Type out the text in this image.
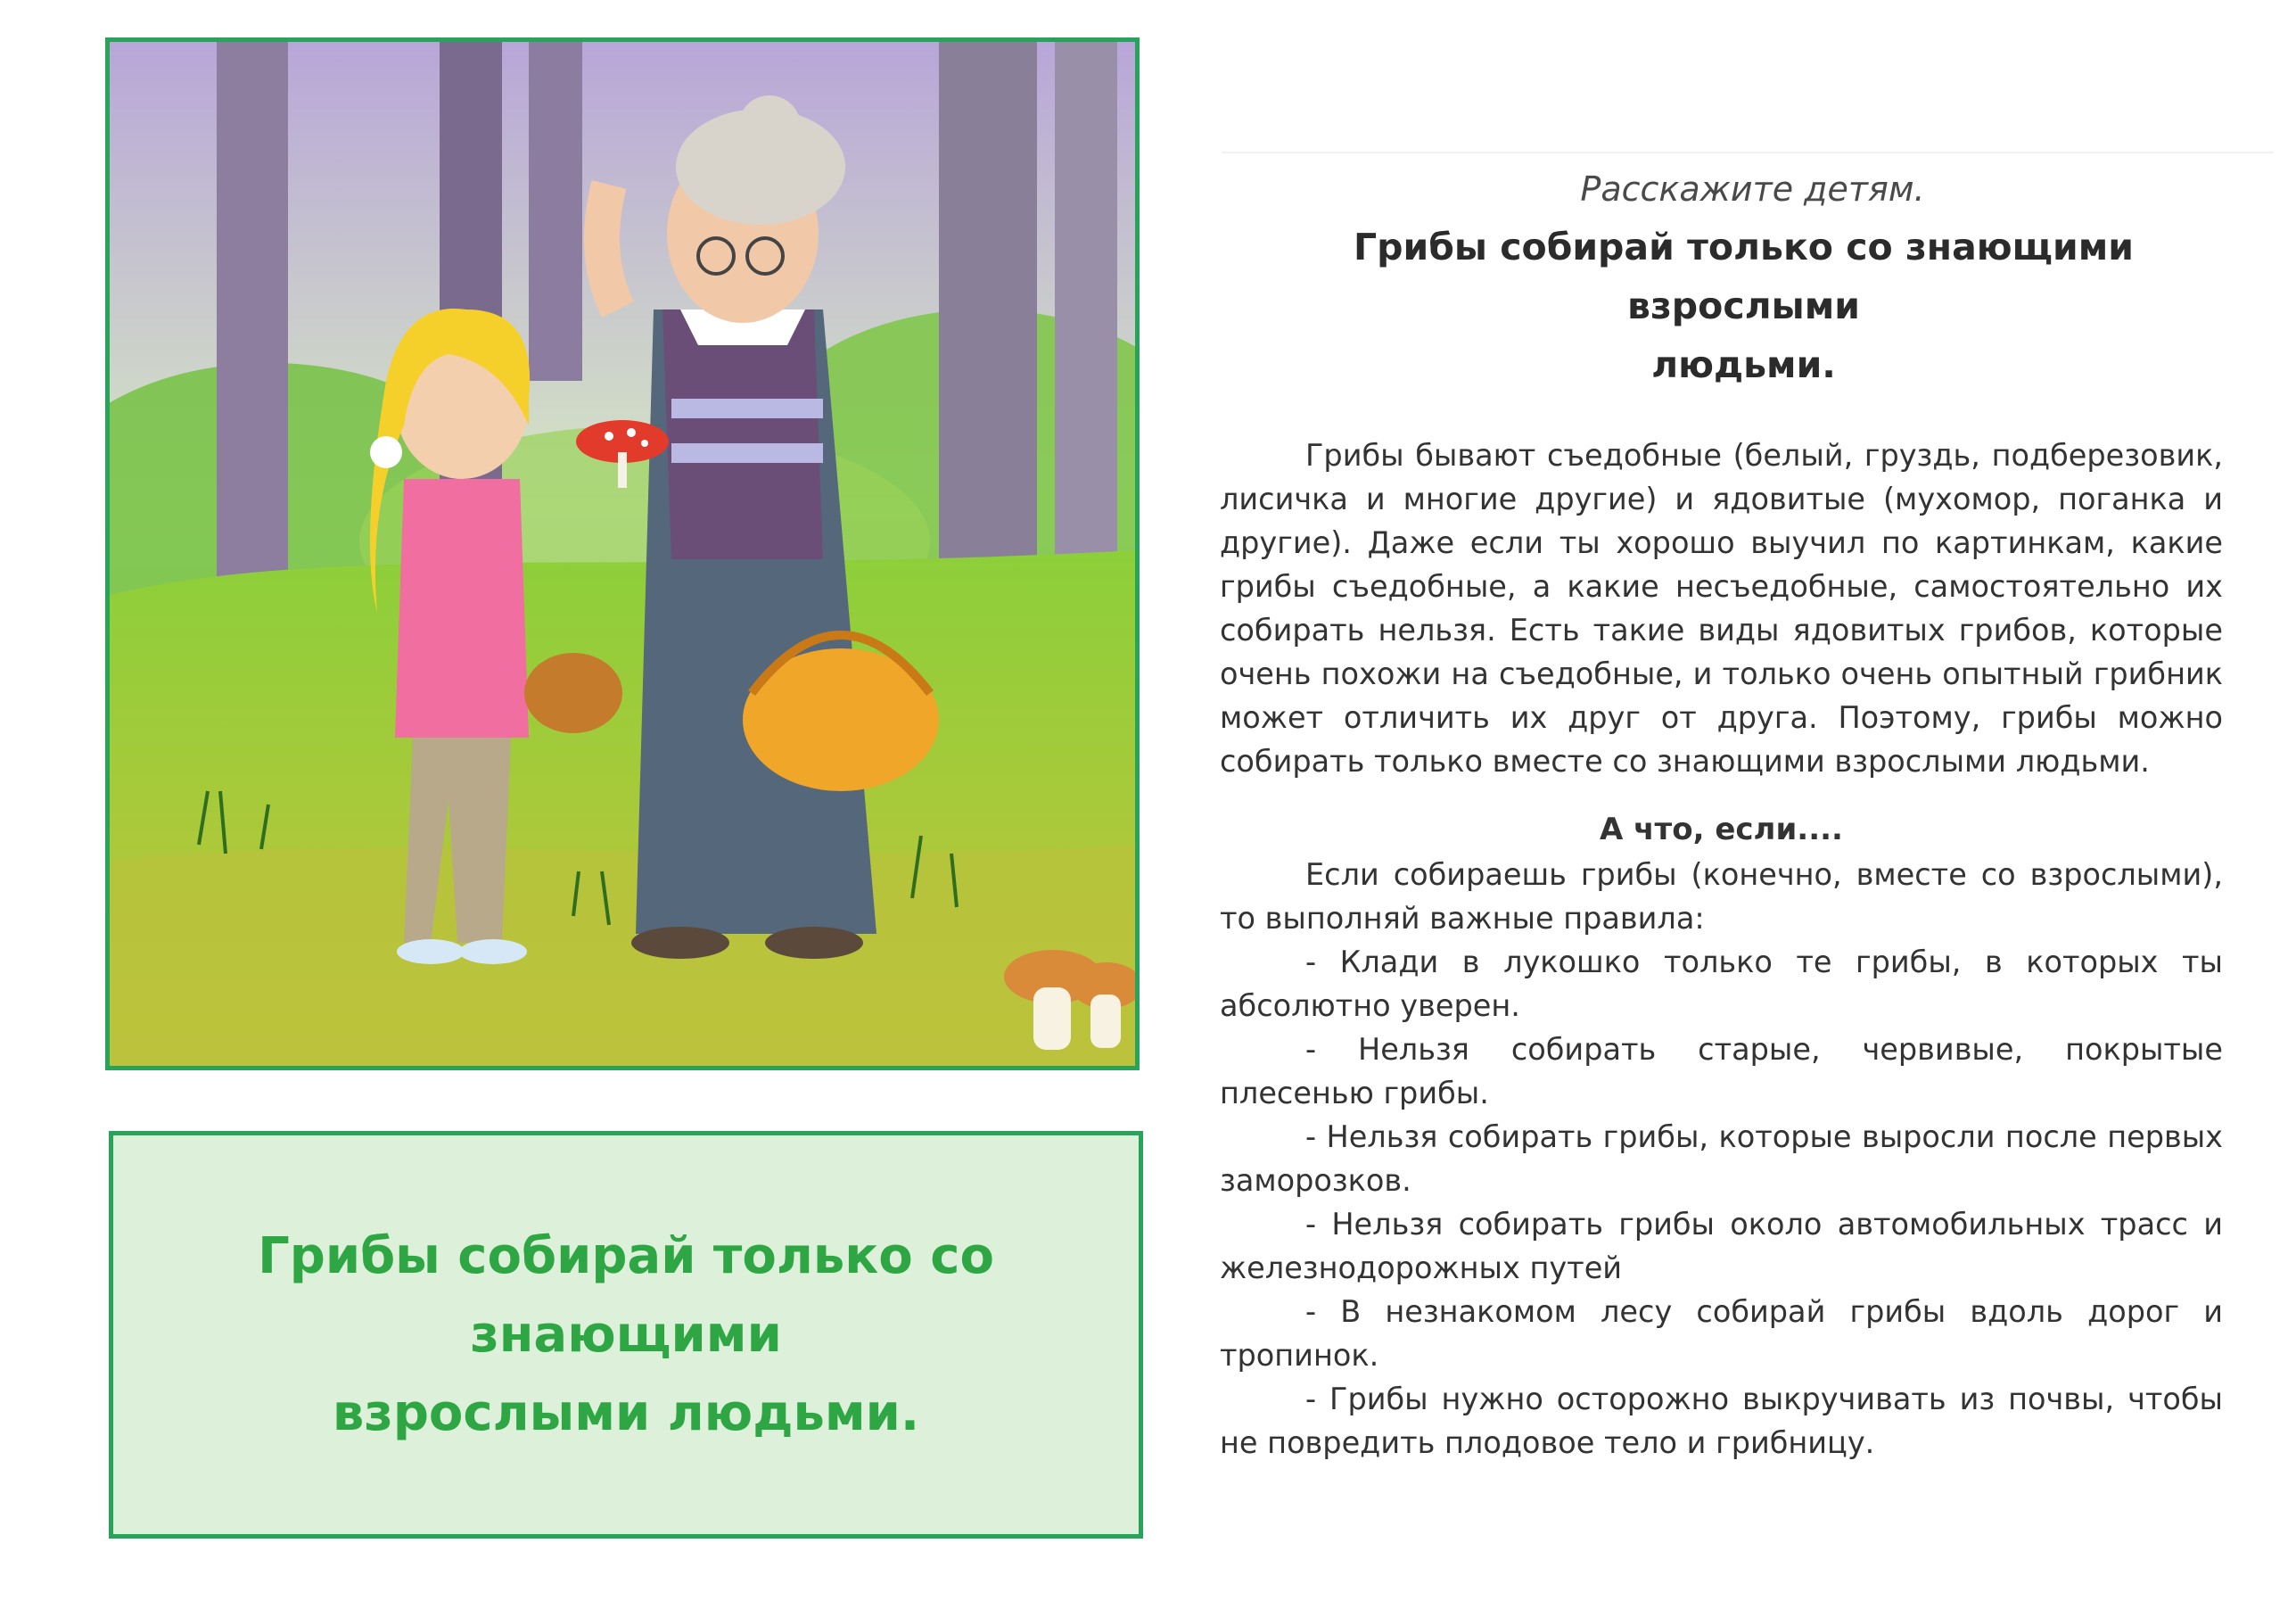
Грибы собирай только со знающими
взрослыми людьми.
Расскажите детям.
Грибы собирай только со знающими взрослыми
людьми.

Грибы бывают съедобные (белый, груздь, подберезовик, лисичка и многие другие) и ядовитые (мухомор, поганка и другие). Даже если ты хорошо выучил по картинкам, какие грибы съедобные, а какие несъедобные, самостоятельно их собирать нельзя. Есть такие виды ядовитых грибов, которые очень похожи на съедобные, и только очень опытный грибник может отличить их друг от друга. Поэтому, грибы можно собирать только вместе со знающими взрослыми людьми.

А что, если....

Если собираешь грибы (конечно, вместе со взрослыми), то выполняй важные правила:

- Клади в лукошко только те грибы, в которых ты абсолютно уверен.
- Нельзя собирать старые, червивые, покрытые плесенью грибы.
- Нельзя собирать грибы, которые выросли после первых заморозков.
- Нельзя собирать грибы около автомобильных трасс и железнодорожных путей
- В незнакомом лесу собирай грибы вдоль дорог и тропинок.
- Грибы нужно осторожно выкручивать из почвы, чтобы не повредить плодовое тело и грибницу.
